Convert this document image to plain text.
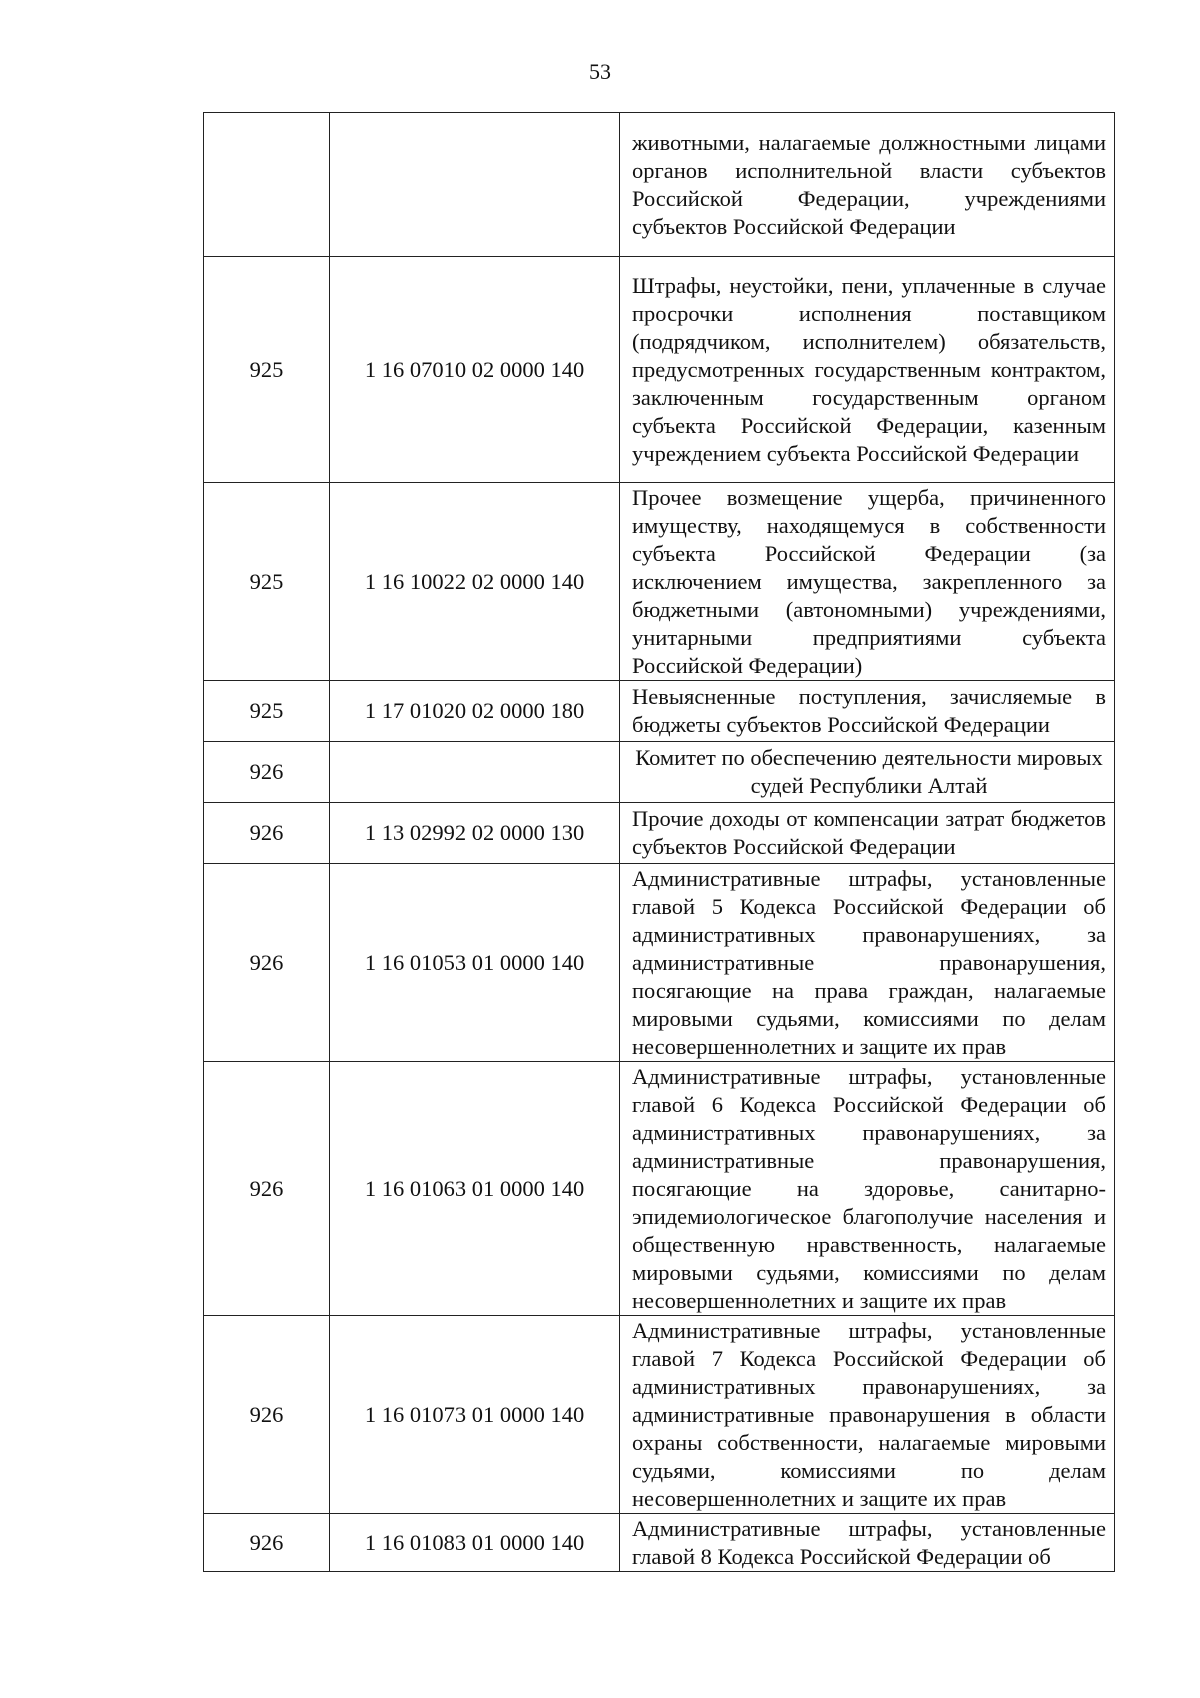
53
		животными, налагаемые должностными лицами органов исполнительной власти субъектов Российской Федерации, учреждениями субъектов Российской Федерации
925	1 16 07010 02 0000 140	Штрафы, неустойки, пени, уплаченные в случае просрочки исполнения поставщиком (подрядчиком, исполнителем) обязательств, предусмотренных государственным контрактом, заключенным государственным органом субъекта Российской Федерации, казенным учреждением субъекта Российской Федерации
925	1 16 10022 02 0000 140	Прочее возмещение ущерба, причиненного имуществу, находящемуся в собственности субъекта Российской Федерации (за исключением имущества, закрепленного за бюджетными (автономными) учреждениями, унитарными предприятиями субъекта Российской Федерации)
925	1 17 01020 02 0000 180	Невыясненные поступления, зачисляемые в бюджеты субъектов Российской Федерации
926		Комитет по обеспечению деятельности мировых судей Республики Алтай
926	1 13 02992 02 0000 130	Прочие доходы от компенсации затрат бюджетов субъектов Российской Федерации
926	1 16 01053 01 0000 140	Административные штрафы, установленные главой 5 Кодекса Российской Федерации об административных правонарушениях, за административные правонарушения, посягающие на права граждан, налагаемые мировыми судьями, комиссиями по делам несовершеннолетних и защите их прав
926	1 16 01063 01 0000 140	Административные штрафы, установленные главой 6 Кодекса Российской Федерации об административных правонарушениях, за административные правонарушения, посягающие на здоровье, санитарно-эпидемиологическое благополучие населения и общественную нравственность, налагаемые мировыми судьями, комиссиями по делам несовершеннолетних и защите их прав
926	1 16 01073 01 0000 140	Административные штрафы, установленные главой 7 Кодекса Российской Федерации об административных правонарушениях, за административные правонарушения в области охраны собственности, налагаемые мировыми судьями, комиссиями по делам несовершеннолетних и защите их прав
926	1 16 01083 01 0000 140	Административные штрафы, установленные главой 8 Кодекса Российской Федерации об
